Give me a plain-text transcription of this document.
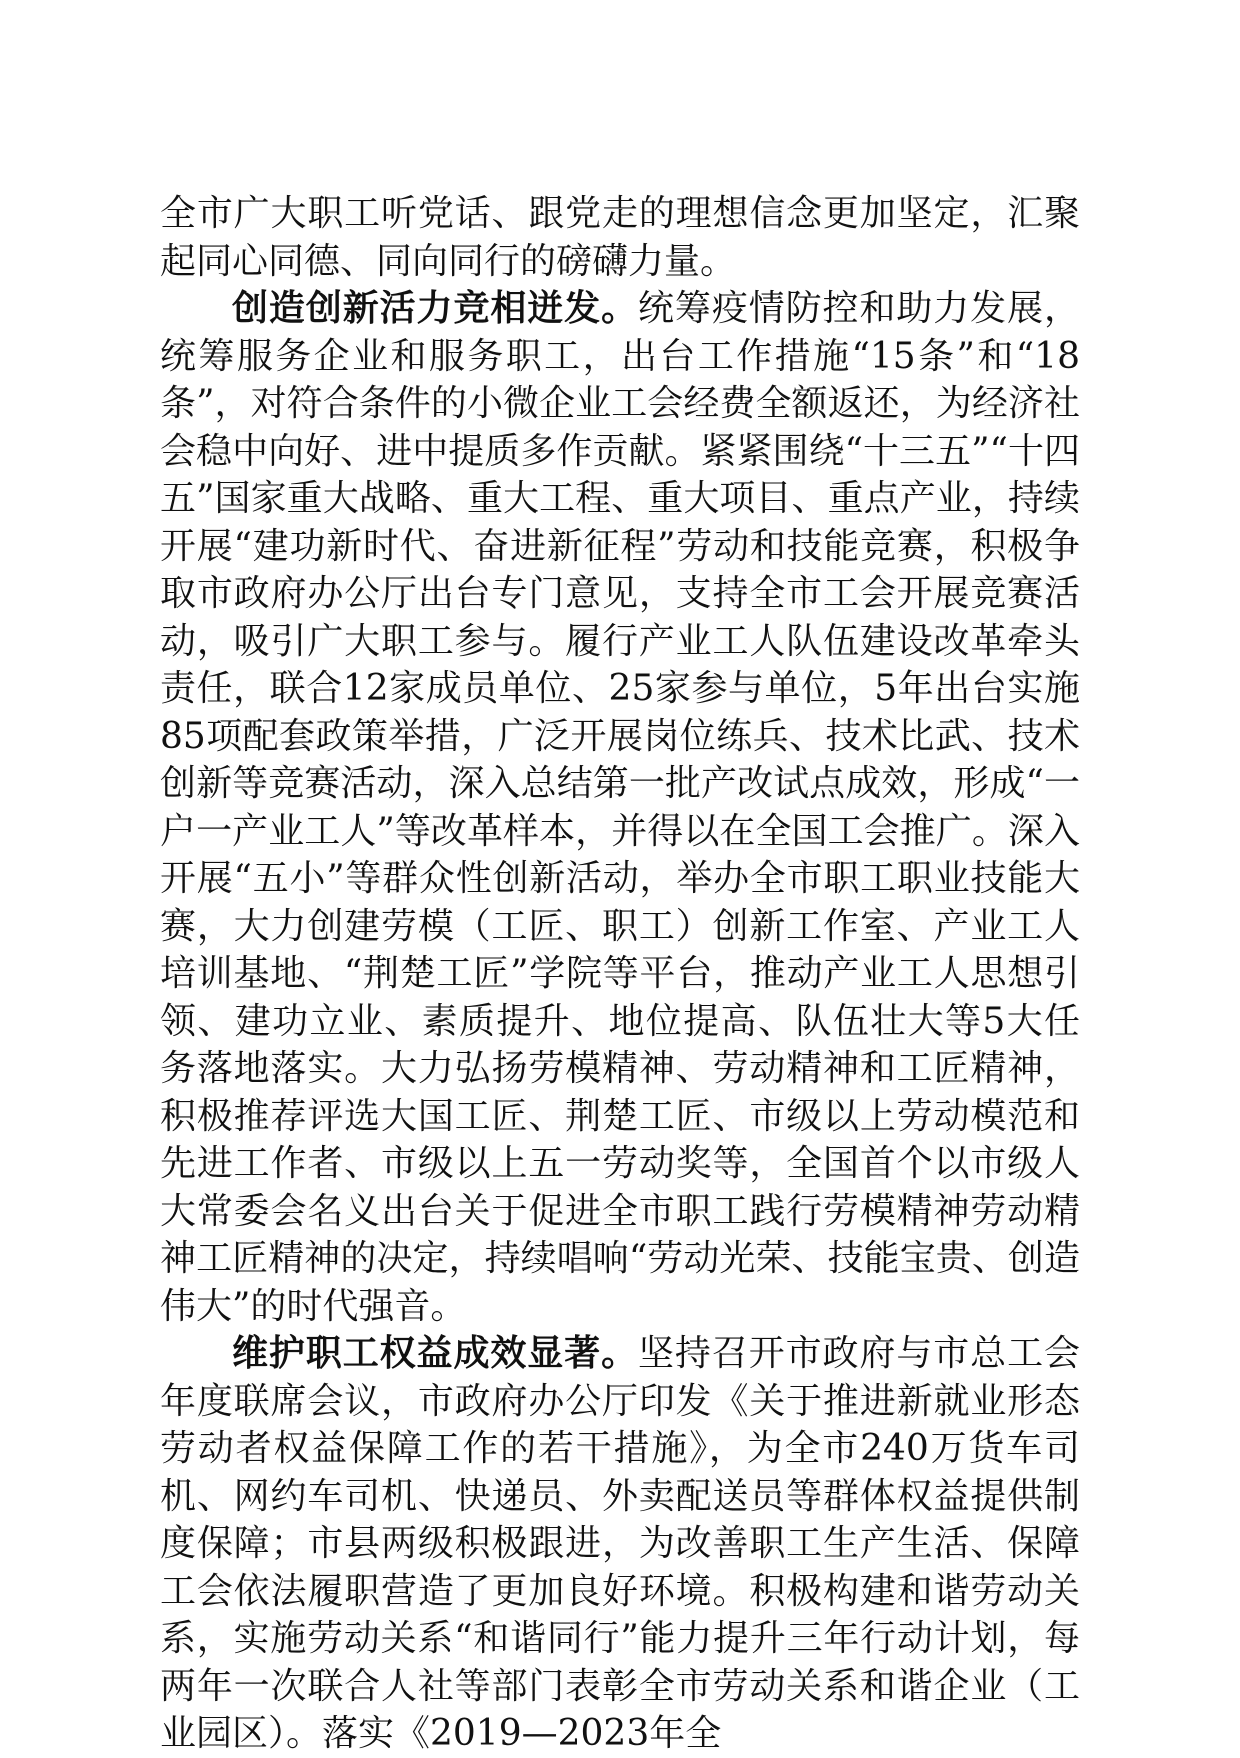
全市广大职工听党话、跟党走的理想信念更加坚定，汇聚起同心同德、同向同行的磅礴力量。

创造创新活力竞相迸发。统筹疫情防控和助力发展，统筹服务企业和服务职工，出台工作措施“15条”和“18条”，对符合条件的小微企业工会经费全额返还，为经济社会稳中向好、进中提质多作贡献。紧紧围绕“十三五”“十四五”国家重大战略、重大工程、重大项目、重点产业，持续开展“建功新时代、奋进新征程”劳动和技能竞赛，积极争取市政府办公厅出台专门意见，支持全市工会开展竞赛活动，吸引广大职工参与。履行产业工人队伍建设改革牵头责任，联合12家成员单位、25家参与单位，5年出台实施85项配套政策举措，广泛开展岗位练兵、技术比武、技术创新等竞赛活动，深入总结第一批产改试点成效，形成“一户一产业工人”等改革样本，并得以在全国工会推广。深入开展“五小”等群众性创新活动，举办全市职工职业技能大赛，大力创建劳模（工匠、职工）创新工作室、产业工人培训基地、“荆楚工匠”学院等平台，推动产业工人思想引领、建功立业、素质提升、地位提高、队伍壮大等5大任务落地落实。大力弘扬劳模精神、劳动精神和工匠精神，积极推荐评选大国工匠、荆楚工匠、市级以上劳动模范和先进工作者、市级以上五一劳动奖等，全国首个以市级人大常委会名义出台关于促进全市职工践行劳模精神劳动精神工匠精神的决定，持续唱响“劳动光荣、技能宝贵、创造伟大”的时代强音。

维护职工权益成效显著。坚持召开市政府与市总工会年度联席会议，市政府办公厅印发《关于推进新就业形态劳动者权益保障工作的若干措施》，为全市240万货车司机、网约车司机、快递员、外卖配送员等群体权益提供制度保障；市县两级积极跟进，为改善职工生产生活、保障工会依法履职营造了更加良好环境。积极构建和谐劳动关系，实施劳动关系“和谐同行”能力提升三年行动计划，每两年一次联合人社等部门表彰全市劳动关系和谐企业（工业园区）。落实《2019—2023年全
